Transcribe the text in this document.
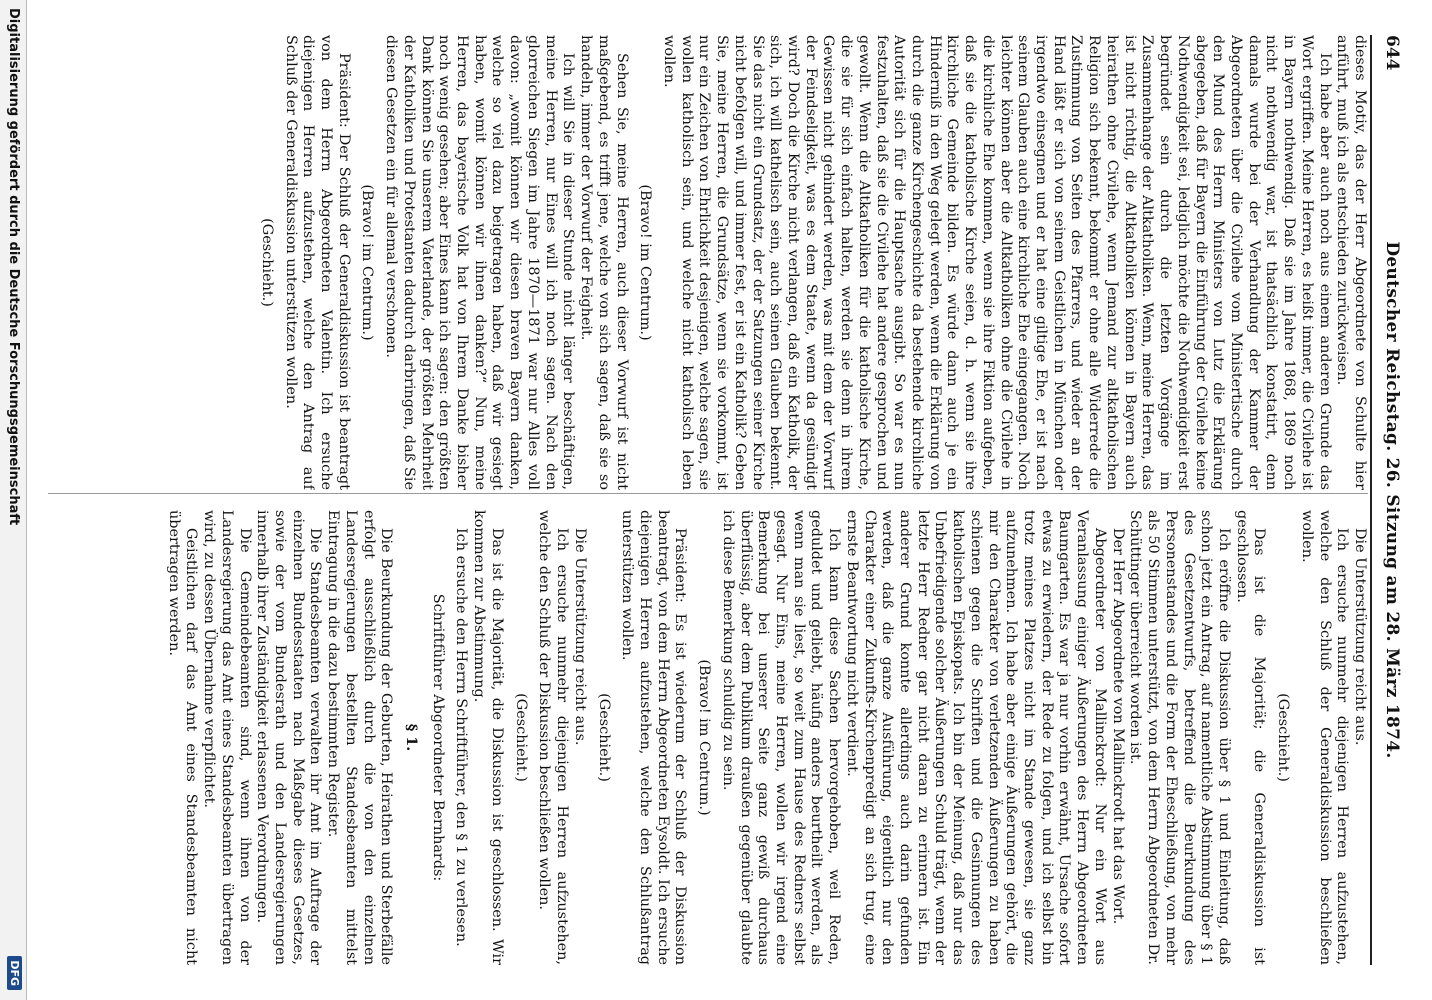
644
Deutscher Reichstag. 26. Sitzung am 28. März 1874.

dieses Motiv, das der Herr Abgeordnete von Schulte hier anführt, muß ich als entschieden zurückweisen.

Ich habe aber auch noch aus einem anderen Grunde das Wort ergriffen. Meine Herren, es heißt immer, die Civilehe ist in Bayern nothwendig. Daß sie im Jahre 1868, 1869 noch nicht nothwendig war, ist thatsächlich konstatirt, denn damals wurde bei der Verhandlung der Kammer der Abgeordneten über die Civilehe vom Ministertische durch den Mund des Herrn Ministers von Lutz die Erklärung abgegeben, daß für Bayern die Einführung der Civilehe keine Nothwendigkeit sei, lediglich möchte die Nothwendigkeit erst begründet sein durch die letzten Vorgänge im Zusammenhange der Altkatholiken. Wenn, meine Herren, das ist nicht richtig, die Altkatholiken können in Bayern auch heirathen ohne Civilehe, wenn Jemand zur altkatholischen Religion sich bekennt, bekommt er ohne alle Widerrede die Zustimmung von Seiten des Pfarrers, und wieder an der Hand läßt er sich von seinem Geistlichen in München oder irgendwo einsegnen und er hat eine giltige Ehe, er ist nach seinem Glauben auch eine kirchliche Ehe eingegangen. Noch leichter können aber die Altkatholiken ohne die Civilehe in die kirchliche Ehe kommen, wenn sie ihre Fiktion aufgeben, daß sie die katholische Kirche seien, d. h. wenn sie ihre kirchliche Gemeinde bilden. Es würde dann auch je ein Hinderniß in den Weg gelegt werden, wenn die Erklärung von durch die ganze Kirchengeschichte da bestehende kirchliche Autorität sich für die Hauptsache ausgibt. So war es nun festzuhalten, daß sie die Civilehe hat andere gesprochen und gewollt. Wenn die Altkatholiken für die katholische Kirche, die sie für sich einfach halten, werden sie denn in ihrem Gewissen nicht gehindert werden, was mit dem der Vorwurf der Feindseligkeit, was es dem Staate, wenn da gesündigt wird? Doch die Kirche nicht verlangen, daß ein Katholik, der sich, ich will kathelisch sein, auch seinen Glauben bekennt. Sie das nicht ein Grundsatz, der der Satzungen seiner Kirche nicht befolgen will, und immer fest, er ist ein Katholik? Geben Sie, meine Herren, die Grundsätze, wenn sie vorkommt, ist nur ein Zeichen von Ehrlichkeit desjenigen, welche sagen, sie wollen katholisch sein, und welche nicht katholisch leben wollen.

(Bravo! im Centrum.)

Sehen Sie, meine Herren, auch dieser Vorwurf ist nicht maßgebend, es trifft jene, welche von sich sagen, daß sie so handeln, immer der Vorwurf der Feigheit.

Ich will Sie in dieser Stunde nicht länger beschäftigen, meine Herren, nur Eines will ich noch sagen. Nach den glorreichen Siegen im Jahre 1870—1871 war nur Alles voll davon: „womit können wir diesen braven Bayern danken, welche so viel dazu beigetragen haben, daß wir gesiegt haben, womit können wir ihnen danken?“ Nun, meine Herren, das bayerische Volk hat von Ihrem Danke bisher noch wenig gesehen; aber Eines kann ich sagen: den größten Dank können Sie unserem Vaterlande, der größten Mehrheit der Katholiken und Protestanten dadurch darbringen, daß Sie diesen Gesetzen ein für allemal verschonen.

(Bravo! im Centrum.)

Präsident: Der Schluß der Generaldiskussion ist beantragt von dem Herrn Abgeordneten Valentin. Ich ersuche diejenigen Herren aufzustehen, welche den Antrag auf Schluß der Generaldiskussion unterstützen wollen.

(Geschieht.)

Die Unterstützung reicht aus.

Ich ersuche nunmehr diejenigen Herren aufzustehen, welche den Schluß der Generaldiskussion beschließen wollen.

(Geschieht.)

Das ist die Majorität; die Generaldiskussion ist geschlossen.

Ich eröffne die Diskussion über § 1 und Einleitung, daß schon jetzt ein Antrag, auf namentliche Abstimmung über § 1 des Gesetzentwurfs, betreffend die Beurkundung des Personenstandes und die Form der Eheschließung, von mehr als 50 Stimmen unterstützt, von dem Herrn Abgeordneten Dr. Schüttinger überreicht worden ist.

Der Herr Abgeordnete von Mallinckrodt hat das Wort.

Abgeordneter von Mallinckrodt: Nur ein Wort aus Veranlassung einiger Äußerungen des Herrn Abgeordneten Baumgarten. Es war ja nur vorhin erwähnt, Ursache sofort etwas zu erwiedern, der Rede zu folgen, und ich selbst bin trotz meines Platzes nicht im Stande gewesen, sie ganz aufzunehmen. Ich habe aber einige Äußerungen gehört, die mir den Charakter von verletzenden Äußerungen zu haben schienen gegen die Schriften und die Gesinnungen des katholischen Episkopats. Ich bin der Meinung, daß nur das Unbefriedigende solcher Äußerungen Schuld trägt, wenn der letzte Herr Redner gar nicht daran zu erinnern ist. Ein anderer Grund konnte allerdings auch darin gefunden werden, daß die ganze Ausführung, eigentlich nur den Charakter einer Zukunfts-Kirchenpredigt an sich trug, eine ernste Beantwortung nicht verdient.

Ich kann diese Sachen hervorgehoben, weil Reden, geduldet und geliebt, häufig anders beurtheilt werden, als wenn man sie liest, so weit zum Hause des Redners selbst gesagt. Nur Eins, meine Herren, wollen wir irgend eine Bemerkung bei unserer Seite ganz gewiß durchaus überflüssig, aber dem Publikum draußen gegenüber glaubte ich diese Bemerkung schuldig zu sein.

(Bravo! im Centrum.)

Präsident: Es ist wiederum der Schluß der Diskussion beantragt, von dem Herrn Abgeordneten Eysoldt. Ich ersuche diejenigen Herren aufzustehen, welche den Schlußantrag unterstützen wollen.

(Geschieht.)

Die Unterstützung reicht aus.

Ich ersuche nunmehr diejenigen Herren aufzustehen, welche den Schluß der Diskussion beschließen wollen.

(Geschieht.)

Das ist die Majorität, die Diskussion ist geschlossen. Wir kommen zur Abstimmung.

Ich ersuche den Herrn Schriftführer, den § 1 zu verlesen.

Schriftführer Abgeordneter Bernhards:

§ 1.

Die Beurkundung der Geburten, Heirathen und Sterbefälle erfolgt ausschließlich durch die von den einzelnen Landesregierungen bestellten Standesbeamten mittelst Eintragung in die dazu bestimmten Register.

Die Standesbeamten verwalten ihr Amt im Auftrage der einzelnen Bundesstaaten nach Maßgabe dieses Gesetzes, sowie der vom Bundesrath und den Landesregierungen innerhalb ihrer Zuständigkeit erlassenen Verordnungen.

Die Gemeindebeamten sind, wenn ihnen von der Landesregierung das Amt eines Standesbeamten übertragen wird, zu dessen Übernahme verpflichtet.

Geistlichen darf das Amt eines Standesbeamten nicht übertragen werden.

Digitalisierung gefördert durch die Deutsche Forschungsgemeinschaft
DFG
